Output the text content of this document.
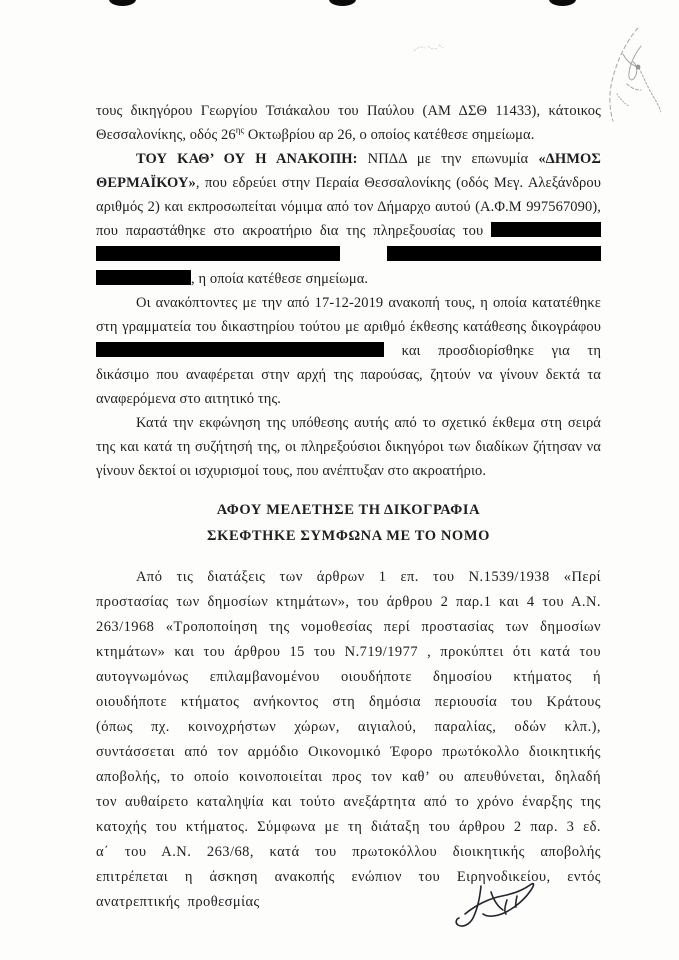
τους δικηγόρου Γεωργίου Τσιάκαλου του Παύλου (ΑΜ ΔΣΘ 11433), κάτοικος Θεσσαλονίκης, οδός $26^{\eta\varsigma}$ Οκτωβρίου αρ 26, ο οποίος κατέθεσε σημείωμα.

ΤΟΥ ΚΑΘ’ ΟΥ Η ΑΝΑΚΟΠΗ: ΝΠΔΔ με την επωνυμία «ΔΗΜΟΣ ΘΕΡΜΑΪΚΟΥ», που εδρεύει στην Περαία Θεσσαλονίκης (οδός Μεγ. Αλεξάνδρου αριθμός 2) και εκπροσωπείται νόμιμα από τον Δήμαρχο αυτού (Α.Φ.Μ 997567090), που παραστάθηκε στο ακροατήριο δια της πληρεξουσίας του    , η οποία κατέθεσε σημείωμα.

Οι ανακόπτοντες με την από 17-12-2019 ανακοπή τους, η οποία κατατέθηκε στη γραμματεία του δικαστηρίου τούτου με αριθμό έκθεσης κατάθεσης δικογράφου  και προσδιορίσθηκε για τη δικάσιμο που αναφέρεται στην αρχή της παρούσας, ζητούν να γίνουν δεκτά τα αναφερόμενα στο αιτητικό της.

Κατά την εκφώνηση της υπόθεσης αυτής από το σχετικό έκθεμα στη σειρά της και κατά τη συζήτησή της, οι πληρεξούσιοι δικηγόροι των διαδίκων ζήτησαν να γίνουν δεκτοί οι ισχυρισμοί τους, που ανέπτυξαν στο ακροατήριο.

ΑΦΟΥ ΜΕΛΕΤΗΣΕ ΤΗ ΔΙΚΟΓΡΑΦΙΑ
ΣΚΕΦΤΗΚΕ ΣΥΜΦΩΝΑ ΜΕ ΤΟ ΝΟΜΟ

Από τις διατάξεις των άρθρων 1 επ. του Ν.1539/1938 «Περί προστασίας των δημοσίων κτημάτων», του άρθρου 2 παρ.1 και 4 του Α.Ν. 263/1968 «Τροποποίηση της νομοθεσίας περί προστασίας των δημοσίων κτημάτων» και του άρθρου 15 του Ν.719/1977 , προκύπτει ότι κατά του αυτογνωμόνως επιλαμβανομένου οιουδήποτε δημοσίου κτήματος ή οιουδήποτε κτήματος ανήκοντος στη δημόσια περιουσία του Κράτους (όπως πχ. κοινοχρήστων χώρων, αιγιαλού, παραλίας, οδών κλπ.), συντάσσεται από τον αρμόδιο Οικονομικό Έφορο πρωτόκολλο διοικητικής αποβολής, το οποίο κοινοποιείται προς τον καθ’ ου απευθύνεται, δηλαδή τον αυθαίρετο καταληψία και τούτο ανεξάρτητα από το χρόνο έναρξης της κατοχής του κτήματος. Σύμφωνα με τη διάταξη του άρθρου 2 παρ. 3 εδ. α΄ του Α.Ν. 263/68, κατά του πρωτοκόλλου διοικητικής αποβολής επιτρέπεται η άσκηση ανακοπής ενώπιον του Ειρηνοδικείου, εντός ανατρεπτικής προθεσμίας
